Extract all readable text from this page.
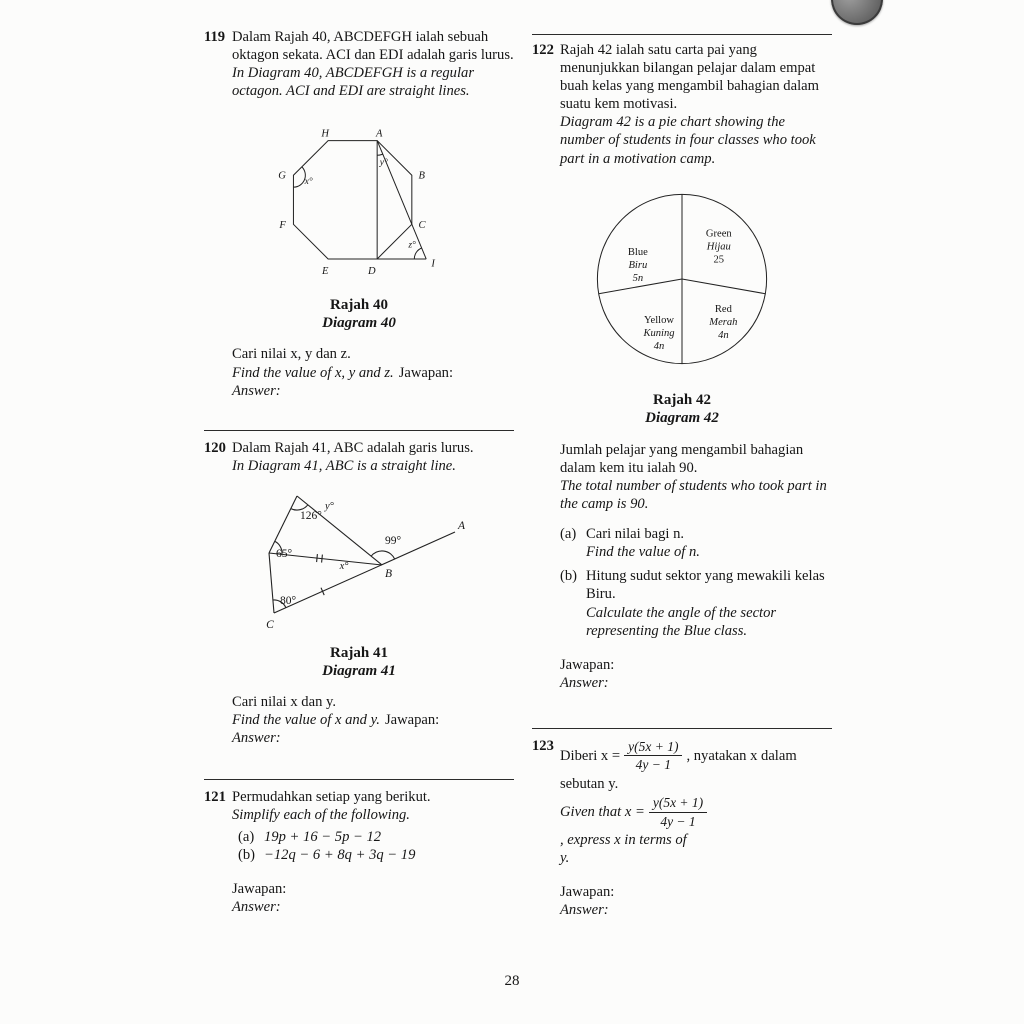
119 Dalam Rajah 40, ABCDEFGH ialah sebuah oktagon sekata. ACI dan EDI adalah garis lurus.
In Diagram 40, ABCDEFGH is a regular octagon. ACI and EDI are straight lines.
H	A
G
F
B
C
E	D
I
x°
y°
z°
Rajah 40
Diagram 40
Cari nilai x, y dan z.
Find the value of x, y and z. Jawapan:
Answer:
120 Dalam Rajah 41, ABC adalah garis lurus.
In Diagram 41, ABC is a straight line.
126°
y°
99°
65°
x°
80°
A
B
C
Rajah 41
Diagram 41
Cari nilai x dan y.
Find the value of x and y. Jawapan:
Answer:
121 Permudahkan setiap yang berikut.
Simplify each of the following.
(a) 19p + 16 − 5p − 12
(b) −12q − 6 + 8q + 3q − 19
Jawapan:
Answer:
122 Rajah 42 ialah satu carta pai yang menunjukkan bilangan pelajar dalam empat buah kelas yang mengambil bahagian dalam suatu kem motivasi.
Diagram 42 is a pie chart showing the number of students in four classes who took part in a motivation camp.
Blue
Biru
5n
Green
Hijau
25
Yellow
Kuning
4n
Red
Merah
4n
Rajah 42
Diagram 42
Jumlah pelajar yang mengambil bahagian dalam kem itu ialah 90.
The total number of students who took part in the camp is 90.
(a) Cari nilai bagi n.
Find the value of n.
(b) Hitung sudut sektor yang mewakili kelas Biru.
Calculate the angle of the sector representing the Blue class.
Jawapan:
Answer:
123
Diberi $x = \frac{y(5x + 1)}{4y - 1}$ , nyatakan x dalam
sebutan y.
Given that $x = \frac{y(5x + 1)}{4y - 1}$
, express x in terms of
y.
Jawapan:
Answer:
28
